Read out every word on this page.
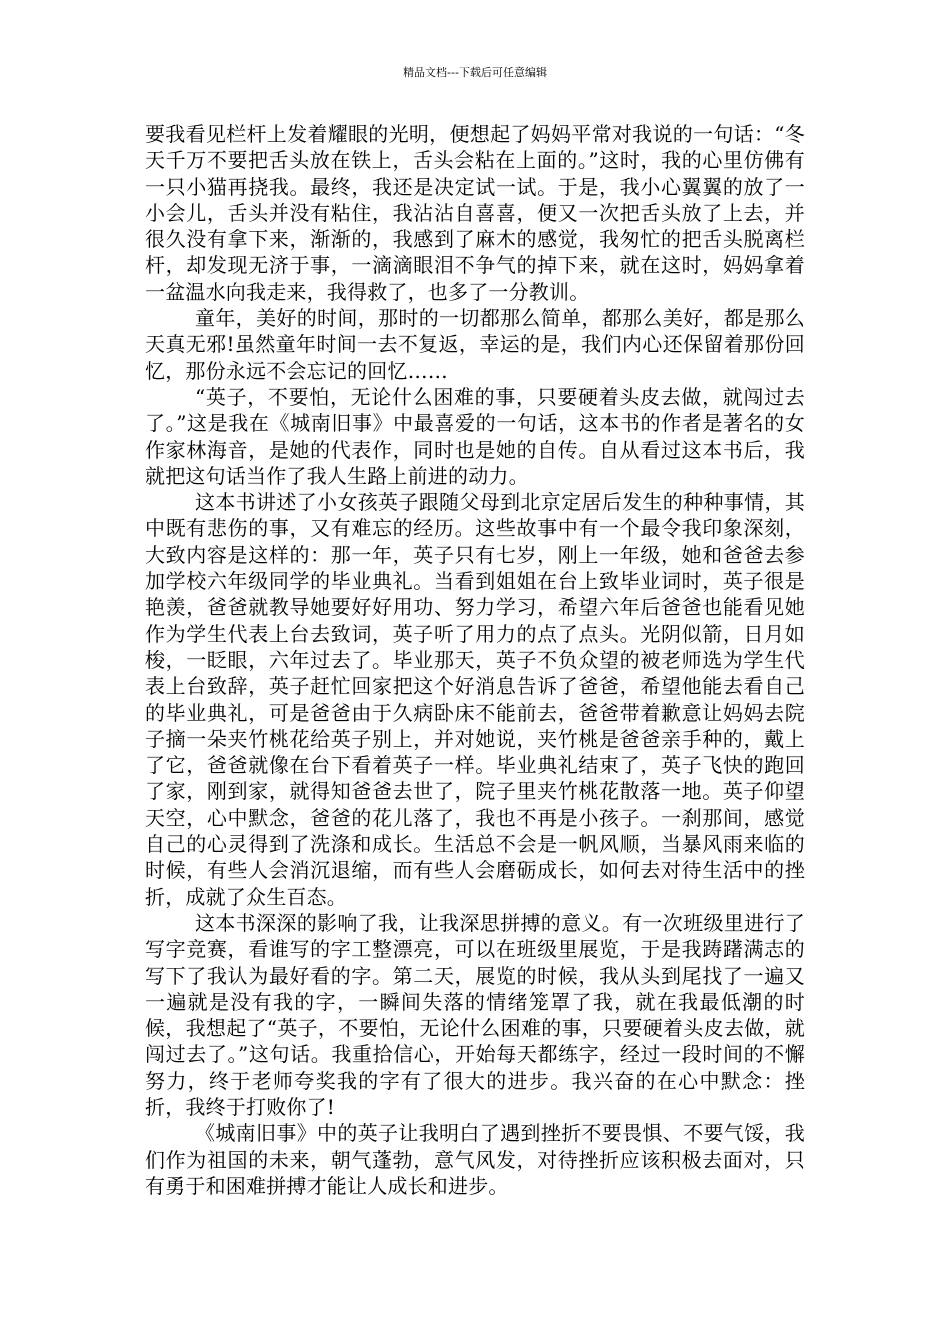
精品文档---下载后可任意编辑

要我看见栏杆上发着耀眼的光明，便想起了妈妈平常对我说的一句话：“冬天千万不要把舌头放在铁上，舌头会粘在上面的。”这时，我的心里仿佛有一只小猫再挠我。最终，我还是决定试一试。于是，我小心翼翼的放了一小会儿，舌头并没有粘住，我沾沾自喜喜，便又一次把舌头放了上去，并很久没有拿下来，渐渐的，我感到了麻木的感觉，我匆忙的把舌头脱离栏杆，却发现无济于事，一滴滴眼泪不争气的掉下来，就在这时，妈妈拿着一盆温水向我走来，我得救了，也多了一分教训。

童年，美好的时间，那时的一切都那么简单，都那么美好，都是那么天真无邪!虽然童年时间一去不复返，幸运的是，我们内心还保留着那份回忆，那份永远不会忘记的回忆……

“英子，不要怕，无论什么困难的事，只要硬着头皮去做，就闯过去了。”这是我在《城南旧事》中最喜爱的一句话，这本书的作者是著名的女作家林海音，是她的代表作，同时也是她的自传。自从看过这本书后，我就把这句话当作了我人生路上前进的动力。

这本书讲述了小女孩英子跟随父母到北京定居后发生的种种事情，其中既有悲伤的事，又有难忘的经历。这些故事中有一个最令我印象深刻，大致内容是这样的：那一年，英子只有七岁，刚上一年级，她和爸爸去参加学校六年级同学的毕业典礼。当看到姐姐在台上致毕业词时，英子很是艳羡，爸爸就教导她要好好用功、努力学习，希望六年后爸爸也能看见她作为学生代表上台去致词，英子听了用力的点了点头。光阴似箭，日月如梭，一眨眼，六年过去了。毕业那天，英子不负众望的被老师选为学生代表上台致辞，英子赶忙回家把这个好消息告诉了爸爸，希望他能去看自己的毕业典礼，可是爸爸由于久病卧床不能前去，爸爸带着歉意让妈妈去院子摘一朵夹竹桃花给英子别上，并对她说，夹竹桃是爸爸亲手种的，戴上了它，爸爸就像在台下看着英子一样。毕业典礼结束了，英子飞快的跑回了家，刚到家，就得知爸爸去世了，院子里夹竹桃花散落一地。英子仰望天空，心中默念，爸爸的花儿落了，我也不再是小孩子。一刹那间，感觉自己的心灵得到了洗涤和成长。生活总不会是一帆风顺，当暴风雨来临的时候，有些人会消沉退缩，而有些人会磨砺成长，如何去对待生活中的挫折，成就了众生百态。

这本书深深的影响了我，让我深思拼搏的意义。有一次班级里进行了写字竞赛，看谁写的字工整漂亮，可以在班级里展览，于是我踌躇满志的写下了我认为最好看的字。第二天，展览的时候，我从头到尾找了一遍又一遍就是没有我的字，一瞬间失落的情绪笼罩了我，就在我最低潮的时候，我想起了“英子，不要怕，无论什么困难的事，只要硬着头皮去做，就闯过去了。”这句话。我重拾信心，开始每天都练字，经过一段时间的不懈努力，终于老师夸奖我的字有了很大的进步。我兴奋的在心中默念：挫折，我终于打败你了!

《城南旧事》中的英子让我明白了遇到挫折不要畏惧、不要气馁，我们作为祖国的未来，朝气蓬勃，意气风发，对待挫折应该积极去面对，只有勇于和困难拼搏才能让人成长和进步。
